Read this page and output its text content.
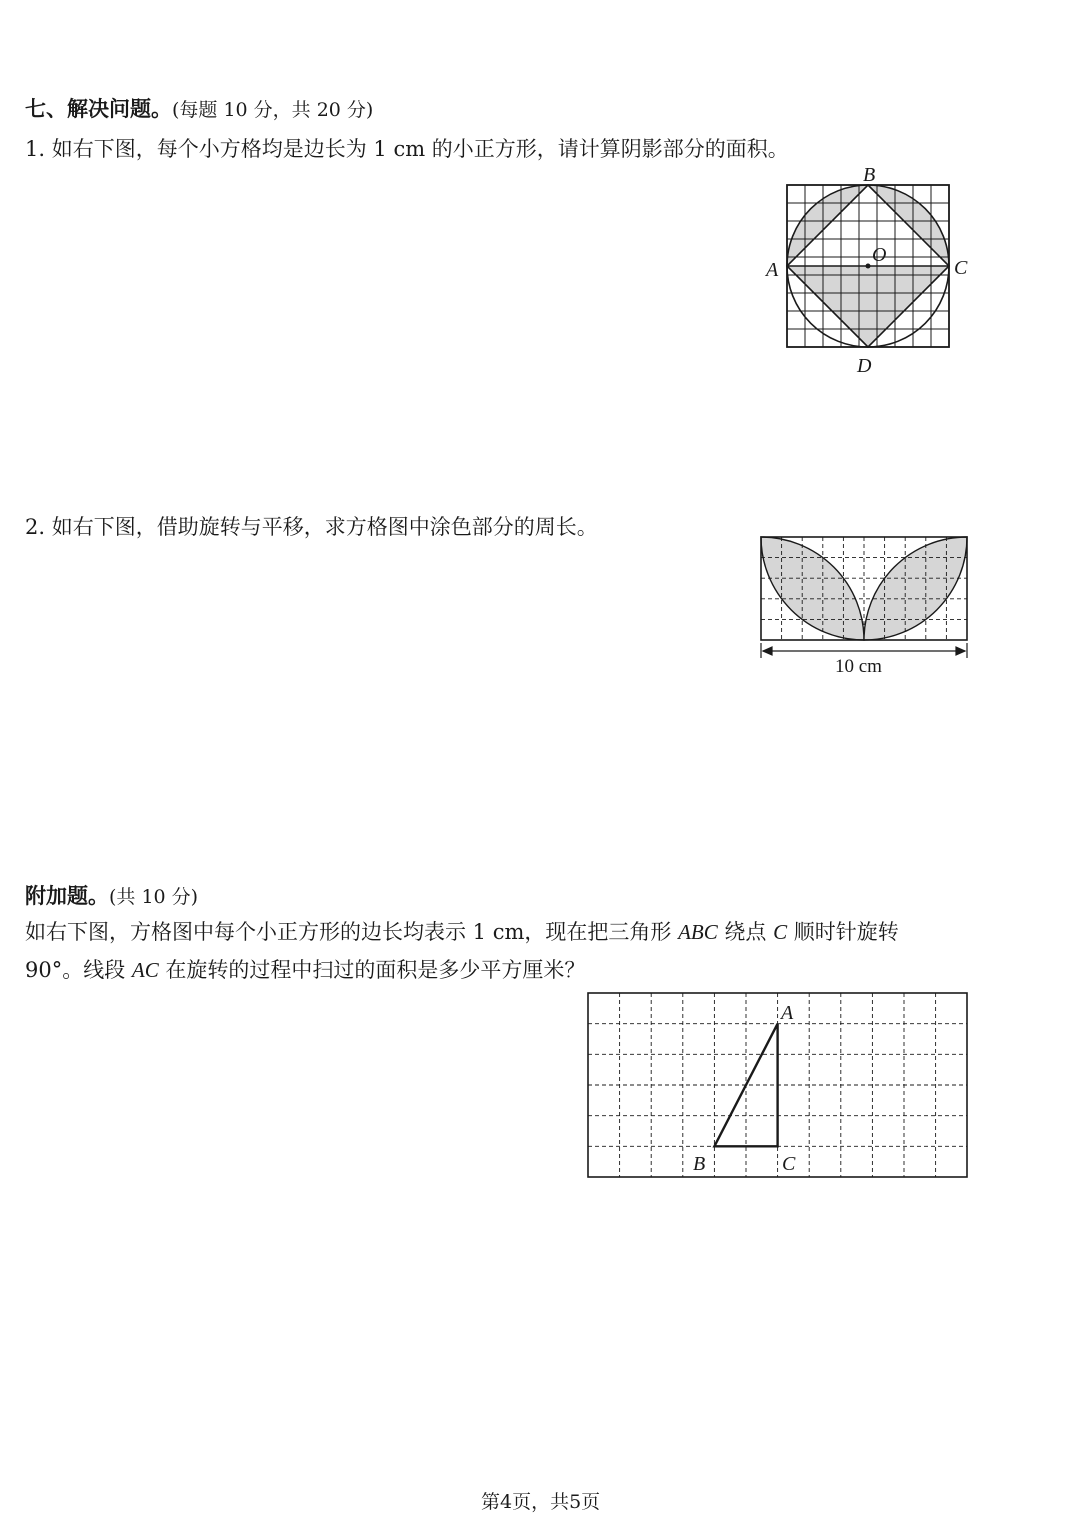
七、解决问题。(每题 10 分，共 20 分)
1. 如右下图，每个小方格均是边长为 1 cm 的小正方形，请计算阴影部分的面积。
B
A	C
D
O
2. 如右下图，借助旋转与平移，求方格图中涂色部分的周长。
10 cm
附加题。(共 10 分)
如右下图，方格图中每个小正方形的边长均表示 1 cm，现在把三角形 ABC 绕点 C 顺时针旋转
90°。线段 AC 在旋转的过程中扫过的面积是多少平方厘米？
A
B	C
第4页，共5页
